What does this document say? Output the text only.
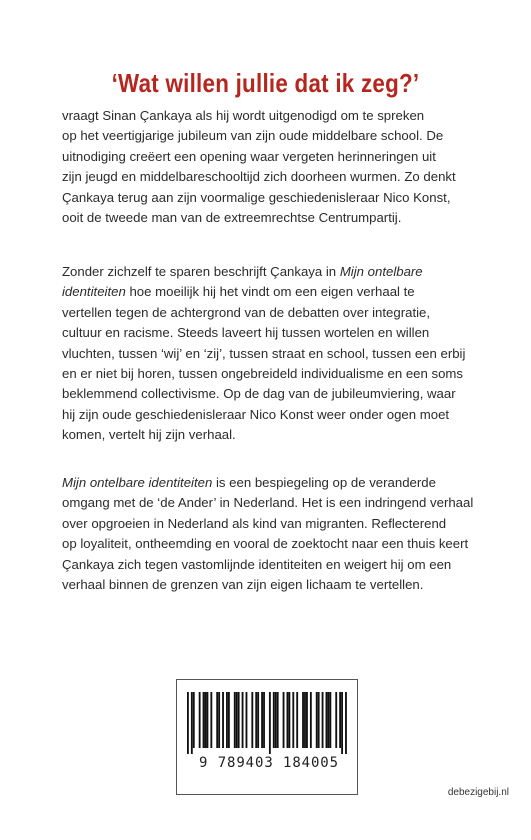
‘Wat willen jullie dat ik zeg?’
vraagt Sinan Çankaya als hij wordt uitgenodigd om te spreken
op het veertigjarige jubileum van zijn oude middelbare school. De
uitnodiging creëert een opening waar vergeten herinneringen uit
zijn jeugd en middelbareschooltijd zich doorheen wurmen. Zo denkt
Çankaya terug aan zijn voormalige geschiedenisleraar Nico Konst,
ooit de tweede man van de extreemrechtse Centrumpartij.
Zonder zichzelf te sparen beschrijft Çankaya in Mijn ontelbare
identiteiten hoe moeilijk hij het vindt om een eigen verhaal te
vertellen tegen de achtergrond van de debatten over integratie,
cultuur en racisme. Steeds laveert hij tussen wortelen en willen
vluchten, tussen ‘wij’ en ‘zij’, tussen straat en school, tussen een erbij
en er niet bij horen, tussen ongebreideld individualisme en een soms
beklemmend collectivisme. Op de dag van de jubileumviering, waar
hij zijn oude geschiedenisleraar Nico Konst weer onder ogen moet
komen, vertelt hij zijn verhaal.
Mijn ontelbare identiteiten is een bespiegeling op de veranderde
omgang met de ‘de Ander’ in Nederland. Het is een indringend verhaal
over opgroeien in Nederland als kind van migranten. Reflecterend
op loyaliteit, ontheemding en vooral de zoektocht naar een thuis keert
Çankaya zich tegen vastomlijnde identiteiten en weigert hij om een
verhaal binnen de grenzen van zijn eigen lichaam te vertellen.
9 789403 184005
debezigebij.nl
